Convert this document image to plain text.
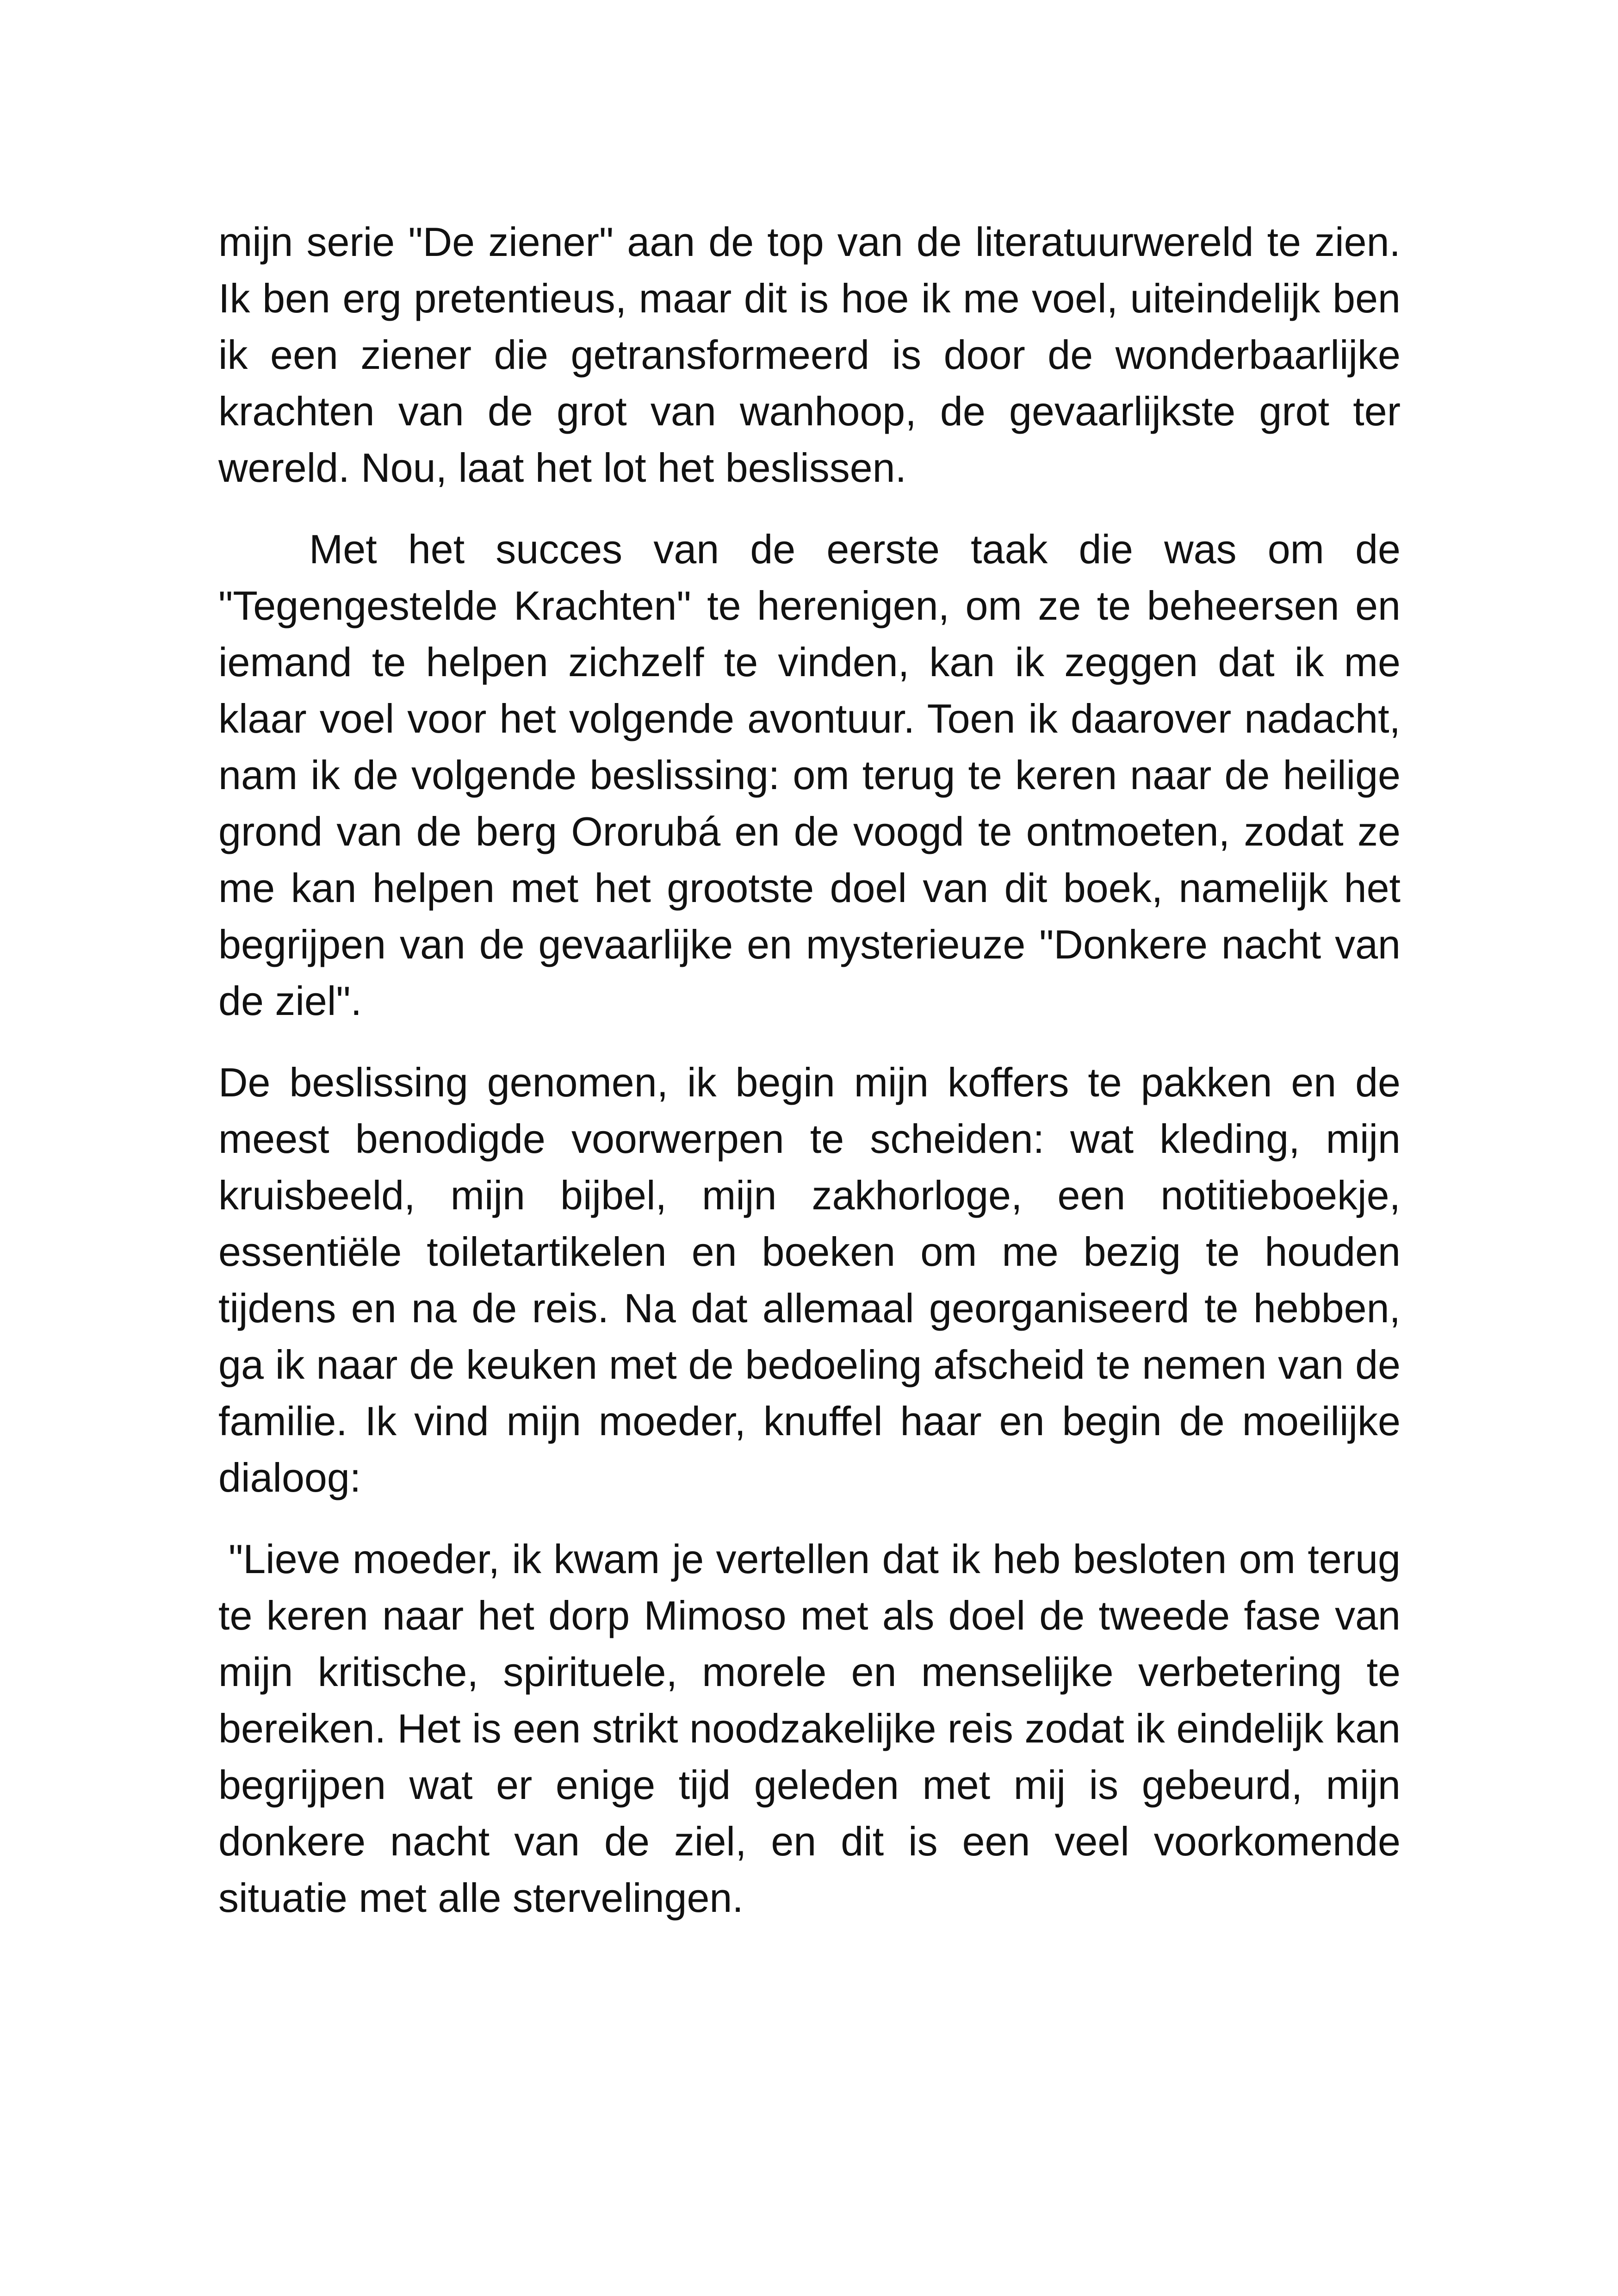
mijn serie "De ziener" aan de top van de literatuurwereld te zien. Ik ben erg pretentieus, maar dit is hoe ik me voel, uiteindelijk ben ik een ziener die getransformeerd is door de wonderbaarlijke krachten van de grot van wanhoop, de gevaarlijkste grot ter wereld. Nou, laat het lot het beslissen.

Met het succes van de eerste taak die was om de "Tegengestelde Krachten" te herenigen, om ze te beheersen en iemand te helpen zichzelf te vinden, kan ik zeggen dat ik me klaar voel voor het volgende avontuur. Toen ik daarover nadacht, nam ik de volgende beslissing: om terug te keren naar de heilige grond van de berg Ororubá en de voogd te ontmoeten, zodat ze me kan helpen met het grootste doel van dit boek, namelijk het begrijpen van de gevaarlijke en mysterieuze "Donkere nacht van de ziel".

De beslissing genomen, ik begin mijn koffers te pakken en de meest benodigde voorwerpen te scheiden: wat kleding, mijn kruisbeeld, mijn bijbel, mijn zakhorloge, een notitieboekje, essentiële toiletartikelen en boeken om me bezig te houden tijdens en na de reis. Na dat allemaal georganiseerd te hebben, ga ik naar de keuken met de bedoeling afscheid te nemen van de familie. Ik vind mijn moeder, knuffel haar en begin de moeilijke dialoog:

"Lieve moeder, ik kwam je vertellen dat ik heb besloten om terug te keren naar het dorp Mimoso met als doel de tweede fase van mijn kritische, spirituele, morele en menselijke verbetering te bereiken. Het is een strikt noodzakelijke reis zodat ik eindelijk kan begrijpen wat er enige tijd geleden met mij is gebeurd, mijn donkere nacht van de ziel, en dit is een veel voorkomende situatie met alle stervelingen.
